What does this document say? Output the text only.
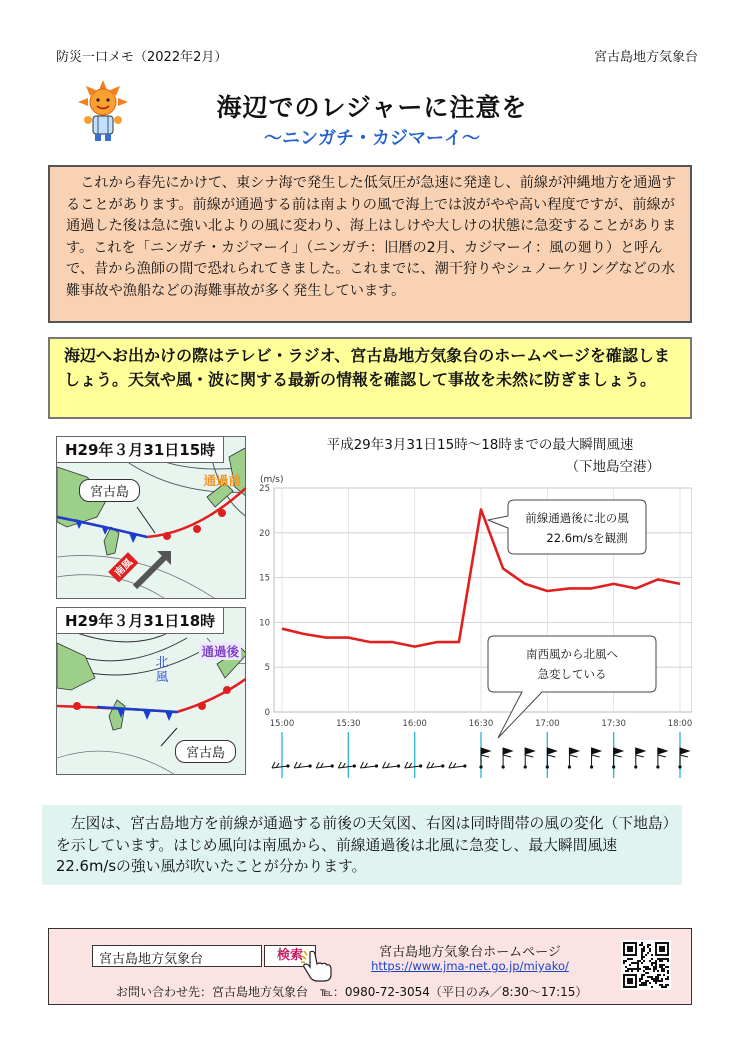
防災一口メモ（2022年2月）	宮古島地方気象台
海辺でのレジャーに注意を
～ニンガチ・カジマーイ～
　これから春先にかけて、東シナ海で発生した低気圧が急速に発達し、前線が沖縄地方を通過することがあります。前線が通過する前は南よりの風で海上では波がやや高い程度ですが、前線が通過した後は急に強い北よりの風に変わり、海上はしけや大しけの状態に急変することがあります。これを「ニンガチ・カジマーイ」（ニンガチ：旧暦の2月、カジマーイ：風の廻り）と呼んで、昔から漁師の間で恐れられてきました。これまでに、潮干狩りやシュノーケリングなどの水難事故や漁船などの海難事故が多く発生しています。
海辺へお出かけの際はテレビ・ラジオ、宮古島地方気象台のホームページを確認しましょう。天気や風・波に関する最新の情報を確認して事故を未然に防ぎましょう。
H29年３月31日15時
南風
宮古島
通過前
H29年３月31日18時
北風
通過後
宮古島
平成29年3月31日15時～18時までの最大瞬間風速
（下地島空港）
0
5
10
15
20
25
15:00	15:30	16:00	16:30	17:00	17:30	18:00
(m/s)
前線通過後に北の風
22.6m/sを観測
南西風から北風へ
急変している
　左図は、宮古島地方を前線が通過する前後の天気図、右図は同時間帯の風の変化（下地島）を示しています。はじめ風向は南風から、前線通過後は北風に急変し、最大瞬間風速22.6m/sの強い風が吹いたことが分かります。
宮古島地方気象台	検索	宮古島地方気象台ホームページ
https://www.jma-net.go.jp/miyako/
お問い合わせ先：宮古島地方気象台　℡：0980-72-3054（平日のみ／8:30～17:15）
